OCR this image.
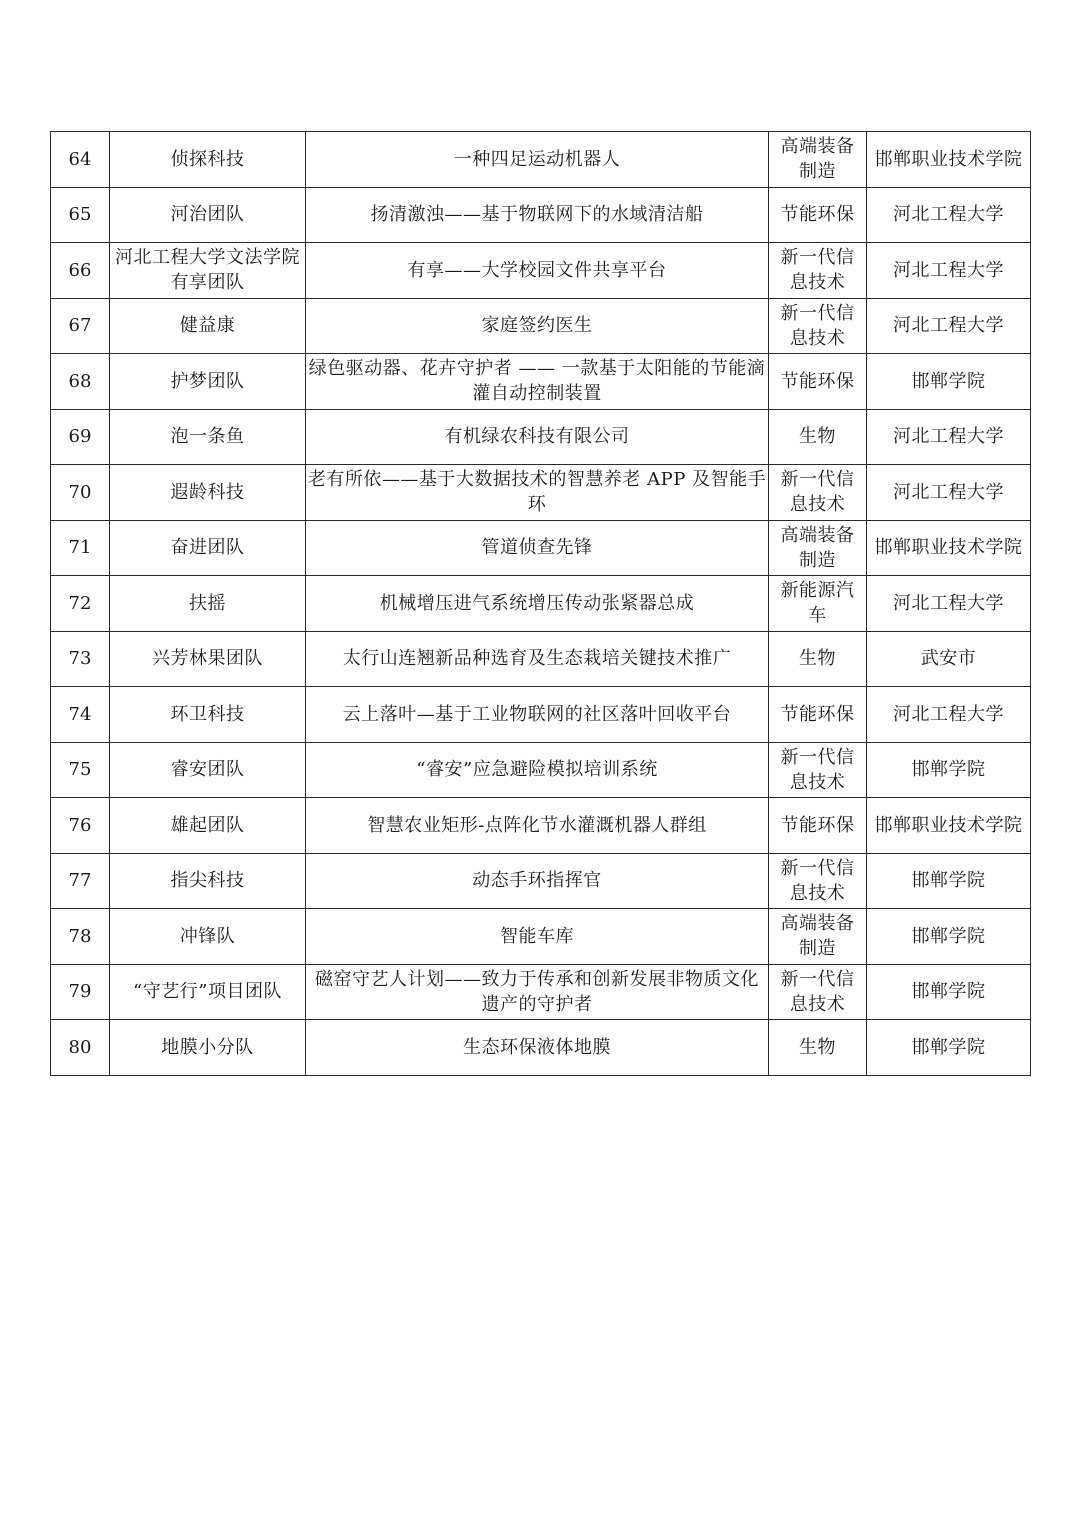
64	侦探科技	一种四足运动机器人	高端装备制造	邯郸职业技术学院
65	河治团队	扬清激浊——基于物联网下的水域清洁船	节能环保	河北工程大学
66	河北工程大学文法学院有享团队	有享——大学校园文件共享平台	新一代信息技术	河北工程大学
67	健益康	家庭签约医生	新一代信息技术	河北工程大学
68	护梦团队	绿色驱动器、花卉守护者 —— 一款基于太阳能的节能滴灌自动控制装置	节能环保	邯郸学院
69	泡一条鱼	有机绿农科技有限公司	生物	河北工程大学
70	遐龄科技	老有所依——基于大数据技术的智慧养老 APP 及智能手环	新一代信息技术	河北工程大学
71	奋进团队	管道侦查先锋	高端装备制造	邯郸职业技术学院
72	扶摇	机械增压进气系统增压传动张紧器总成	新能源汽车	河北工程大学
73	兴芳林果团队	太行山连翘新品种选育及生态栽培关键技术推广	生物	武安市
74	环卫科技	云上落叶—基于工业物联网的社区落叶回收平台	节能环保	河北工程大学
75	睿安团队	“睿安”应急避险模拟培训系统	新一代信息技术	邯郸学院
76	雄起团队	智慧农业矩形-点阵化节水灌溉机器人群组	节能环保	邯郸职业技术学院
77	指尖科技	动态手环指挥官	新一代信息技术	邯郸学院
78	冲锋队	智能车库	高端装备制造	邯郸学院
79	“守艺行”项目团队	磁窑守艺人计划——致力于传承和创新发展非物质文化遗产的守护者	新一代信息技术	邯郸学院
80	地膜小分队	生态环保液体地膜	生物	邯郸学院
